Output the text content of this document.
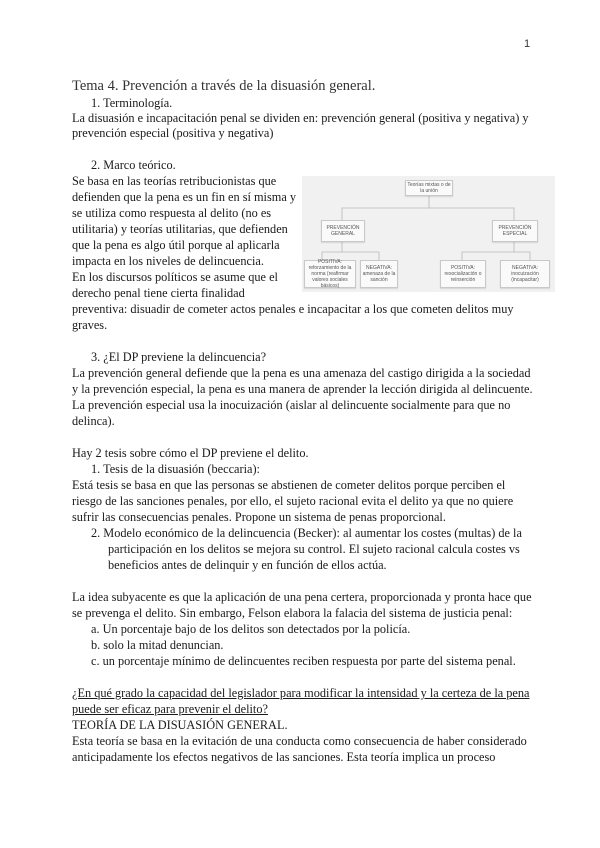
1
Tema 4. Prevención a través de la disuasión general.
1. Terminología.
La disuasión e incapacitación penal se dividen en: prevención general (positiva y negativa) y
prevención especial (positiva y negativa)
2. Marco teórico.
Se basa en las teorías retribucionistas que
defienden que la pena es un fin en sí misma y
se utiliza como respuesta al delito (no es
utilitaria) y teorías utilitarias, que defienden
que la pena es algo útil porque al aplicarla
impacta en los niveles de delincuencia.
En los discursos políticos se asume que el
derecho penal tiene cierta finalidad
preventiva: disuadir de cometer actos penales e incapacitar a los que cometen delitos muy
graves.
3. ¿El DP previene la delincuencia?
La prevención general defiende que la pena es una amenaza del castigo dirigida a la sociedad
y la prevención especial, la pena es una manera de aprender la lección dirigida al delincuente.
La prevención especial usa la inocuización (aislar al delincuente socialmente para que no
delinca).
Hay 2 tesis sobre cómo el DP previene el delito.
1. Tesis de la disuasión (beccaria):
Está tesis se basa en que las personas se abstienen de cometer delitos porque perciben el
riesgo de las sanciones penales, por ello, el sujeto racional evita el delito ya que no quiere
sufrir las consecuencias penales. Propone un sistema de penas proporcional.
2. Modelo económico de la delincuencia (Becker): al aumentar los costes (multas) de la
participación en los delitos se mejora su control. El sujeto racional calcula costes vs
beneficios antes de delinquir y en función de ellos actúa.
La idea subyacente es que la aplicación de una pena certera, proporcionada y pronta hace que
se prevenga el delito. Sin embargo, Felson elabora la falacia del sistema de justicia penal:
a. Un porcentaje bajo de los delitos son detectados por la policía.
b. solo la mitad denuncian.
c. un porcentaje mínimo de delincuentes reciben respuesta por parte del sistema penal.
¿En qué grado la capacidad del legislador para modificar la intensidad y la certeza de la pena
puede ser eficaz para prevenir el delito?
TEORÍA DE LA DISUASIÓN GENERAL.
Esta teoría se basa en la evitación de una conducta como consecuencia de haber considerado
anticipadamente los efectos negativos de las sanciones. Esta teoría implica un proceso
Teorías mixtas o de la unión
PREVENCIÓN GENERAL
PREVENCIÓN ESPECIAL
POSITIVA: reforzamiento de la norma (reafirmar valores sociales básicos)
NEGATIVA: amenaza de la sanción
POSITIVA: resocialización o reinserción
NEGATIVA: inocuización (incapacitar)
